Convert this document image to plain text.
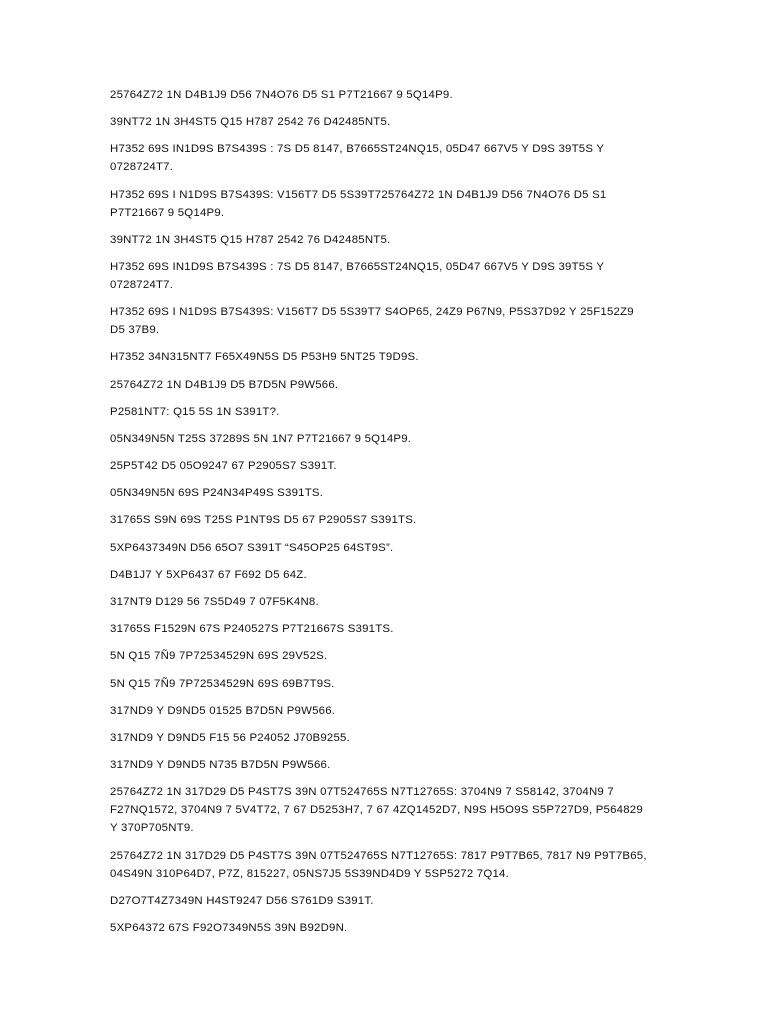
25764Z72 1N D4B1J9 D56 7N4O76 D5 S1 P7T21667 9 5Q14P9.

39NT72 1N 3H4ST5 Q15 H787 2542 76 D42485NT5.

H7352 69S IN1D9S B7S439S : 7S D5 8147, B7665ST24NQ15, 05D47 667V5 Y D9S 39T5S Y 0728724T7.

H7352 69S I N1D9S B7S439S: V156T7 D5 5S39T725764Z72 1N D4B1J9 D56 7N4O76 D5 S1 P7T21667 9 5Q14P9.

39NT72 1N 3H4ST5 Q15 H787 2542 76 D42485NT5.

H7352 69S IN1D9S B7S439S : 7S D5 8147, B7665ST24NQ15, 05D47 667V5 Y D9S 39T5S Y 0728724T7.

H7352 69S I N1D9S B7S439S: V156T7 D5 5S39T7 S4OP65, 24Z9 P67N9, P5S37D92 Y 25F152Z9 D5 37B9.

H7352 34N315NT7 F65X49N5S D5 P53H9 5NT25 T9D9S.

25764Z72 1N D4B1J9 D5 B7D5N P9W566.

P2581NT7: Q15 5S 1N S391T?.

05N349N5N T25S 37289S 5N 1N7 P7T21667 9 5Q14P9.

25P5T42 D5 05O9247 67 P2905S7 S391T.

05N349N5N 69S P24N34P49S S391TS.

31765S S9N 69S T25S P1NT9S D5 67 P2905S7 S391TS.

5XP6437349N D56 65O7 S391T “S45OP25 64ST9S”.

D4B1J7 Y 5XP6437 67 F692 D5 64Z.

317NT9 D129 56 7S5D49 7 07F5K4N8.

31765S F1529N 67S P240527S P7T21667S S391TS.

5N Q15 7Ñ9 7P72534529N 69S 29V52S.

5N Q15 7Ñ9 7P72534529N 69S 69B7T9S.

317ND9 Y D9ND5 01525 B7D5N P9W566.

317ND9 Y D9ND5 F15 56 P24052 J70B9255.

317ND9 Y D9ND5 N735 B7D5N P9W566.

25764Z72 1N 317D29 D5 P4ST7S 39N 07T524765S N7T12765S: 3704N9 7 S58142, 3704N9 7 F27NQ1572, 3704N9 7 5V4T72, 7 67 D5253H7, 7 67 4ZQ1452D7, N9S H5O9S S5P727D9, P564829 Y 370P705NT9.

25764Z72 1N 317D29 D5 P4ST7S 39N 07T524765S N7T12765S: 7817 P9T7B65, 7817 N9 P9T7B65, 04S49N 310P64D7, P7Z, 815227, 05NS7J5 5S39ND4D9 Y 5SP5272 7Q14.

D27O7T4Z7349N H4ST9247 D56 S761D9 S391T.

5XP64372 67S F92O7349N5S 39N B92D9N.
